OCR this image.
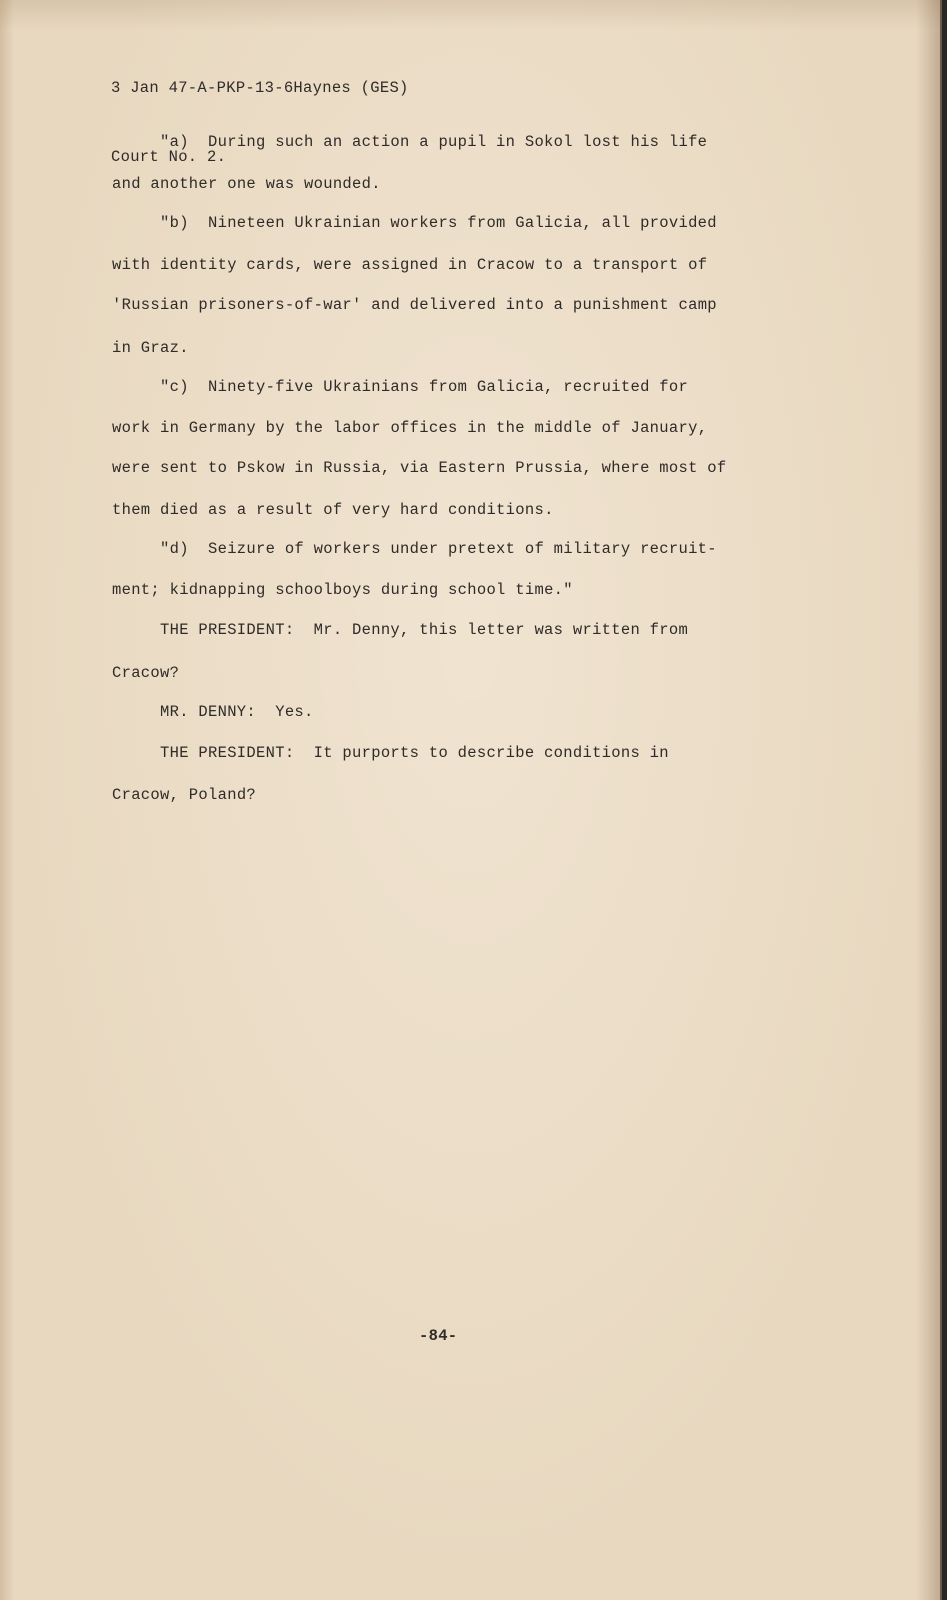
3 Jan 47-A-PKP-13-6Haynes (GES)

Court No. 2.

"a)  During such an action a pupil in Sokol lost his life
and another one was wounded.
"b)  Nineteen Ukrainian workers from Galicia, all provided
with identity cards, were assigned in Cracow to a transport of
'Russian prisoners-of-war' and delivered into a punishment camp
in Graz.
"c)  Ninety-five Ukrainians from Galicia, recruited for
work in Germany by the labor offices in the middle of January,
were sent to Pskow in Russia, via Eastern Prussia, where most of
them died as a result of very hard conditions.
"d)  Seizure of workers under pretext of military recruit-
ment; kidnapping schoolboys during school time."
THE PRESIDENT:  Mr. Denny, this letter was written from
Cracow?
MR. DENNY:  Yes.
THE PRESIDENT:  It purports to describe conditions in
Cracow, Poland?
-84-
